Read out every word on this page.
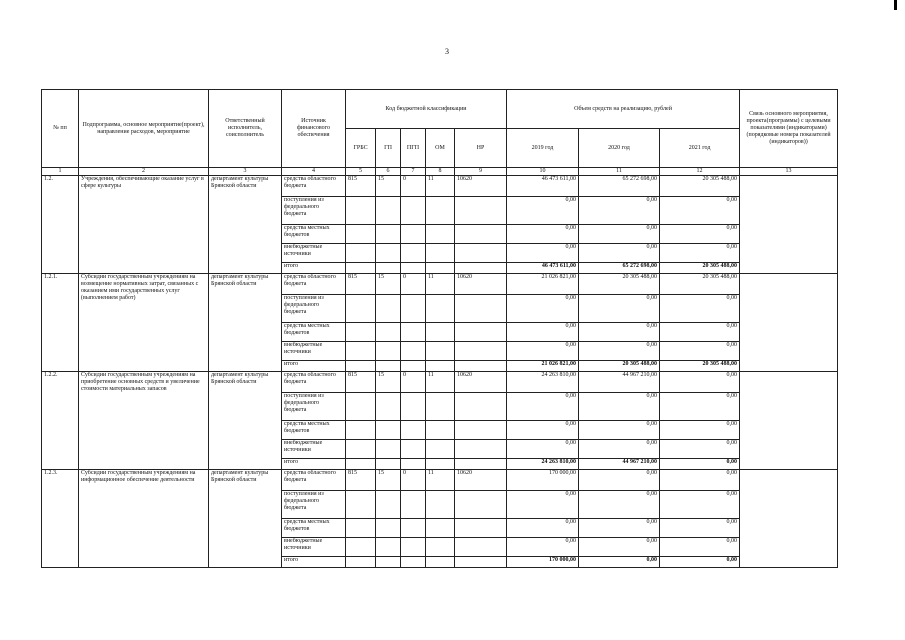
3
№ пп	Подпрограмма, основное мероприятие(проект), направление расходов, мероприятие	Ответственный исполнитель, соисполнитель	Источник финансового обеспечения	Код бюджетной классификации					Объем средств на реализацию, рублей			Связь основного мероприятия, проекта(программы) с целевыми показателями (индикаторами) (порядковые номера показателей (индикаторов))
				ГРБС	ГП	ПГП	ОМ	НР	2019 год	2020 год	2021 год	
1	2	3	4	5	6	7	8	9	10	11	12	13
1.2.	Учреждения, обеспечивающие оказание услуг в сфере культуры	департамент культуры Брянской области	средства областного бюджета	815	15	0	11	10620	46 473 611,00	65 272 698,00	20 305 488,00	
			поступления из федерального бюджета						0,00	0,00	0,00	
			средства местных бюджетов						0,00	0,00	0,00	
			внебюджетные источники						0,00	0,00	0,00	
			итого						46 473 611,00	65 272 698,00	20 305 488,00	
1.2.1.	Субсидии государственным учреждениям на возмещение нормативных затрат, связанных с оказанием ими государственных услуг (выполнением работ)	департамент культуры Брянской области	средства областного бюджета	815	15	0	11	10620	21 026 821,00	20 305 488,00	20 305 488,00	
			поступления из федерального бюджета						0,00	0,00	0,00	
			средства местных бюджетов						0,00	0,00	0,00	
			внебюджетные источники						0,00	0,00	0,00	
			итого						21 026 821,00	20 305 488,00	20 305 488,00	
1.2.2.	Субсидии государственным учреждениям на приобретение основных средств и увеличение стоимости материальных запасов	департамент культуры Брянской области	средства областного бюджета	815	15	0	11	10620	24 263 810,00	44 967 210,00	0,00	
			поступления из федерального бюджета						0,00	0,00	0,00	
			средства местных бюджетов						0,00	0,00	0,00	
			внебюджетные источники						0,00	0,00	0,00	
			итого						24 263 810,00	44 967 210,00	0,00	
1.2.3.	Субсидии государственным учреждениям на информационное обеспечение деятельности	департамент культуры Брянской области	средства областного бюджета	815	15	0	11	10620	170 000,00	0,00	0,00	
			поступления из федерального бюджета						0,00	0,00	0,00	
			средства местных бюджетов						0,00	0,00	0,00	
			внебюджетные источники						0,00	0,00	0,00	
			итого						170 000,00	0,00	0,00	
